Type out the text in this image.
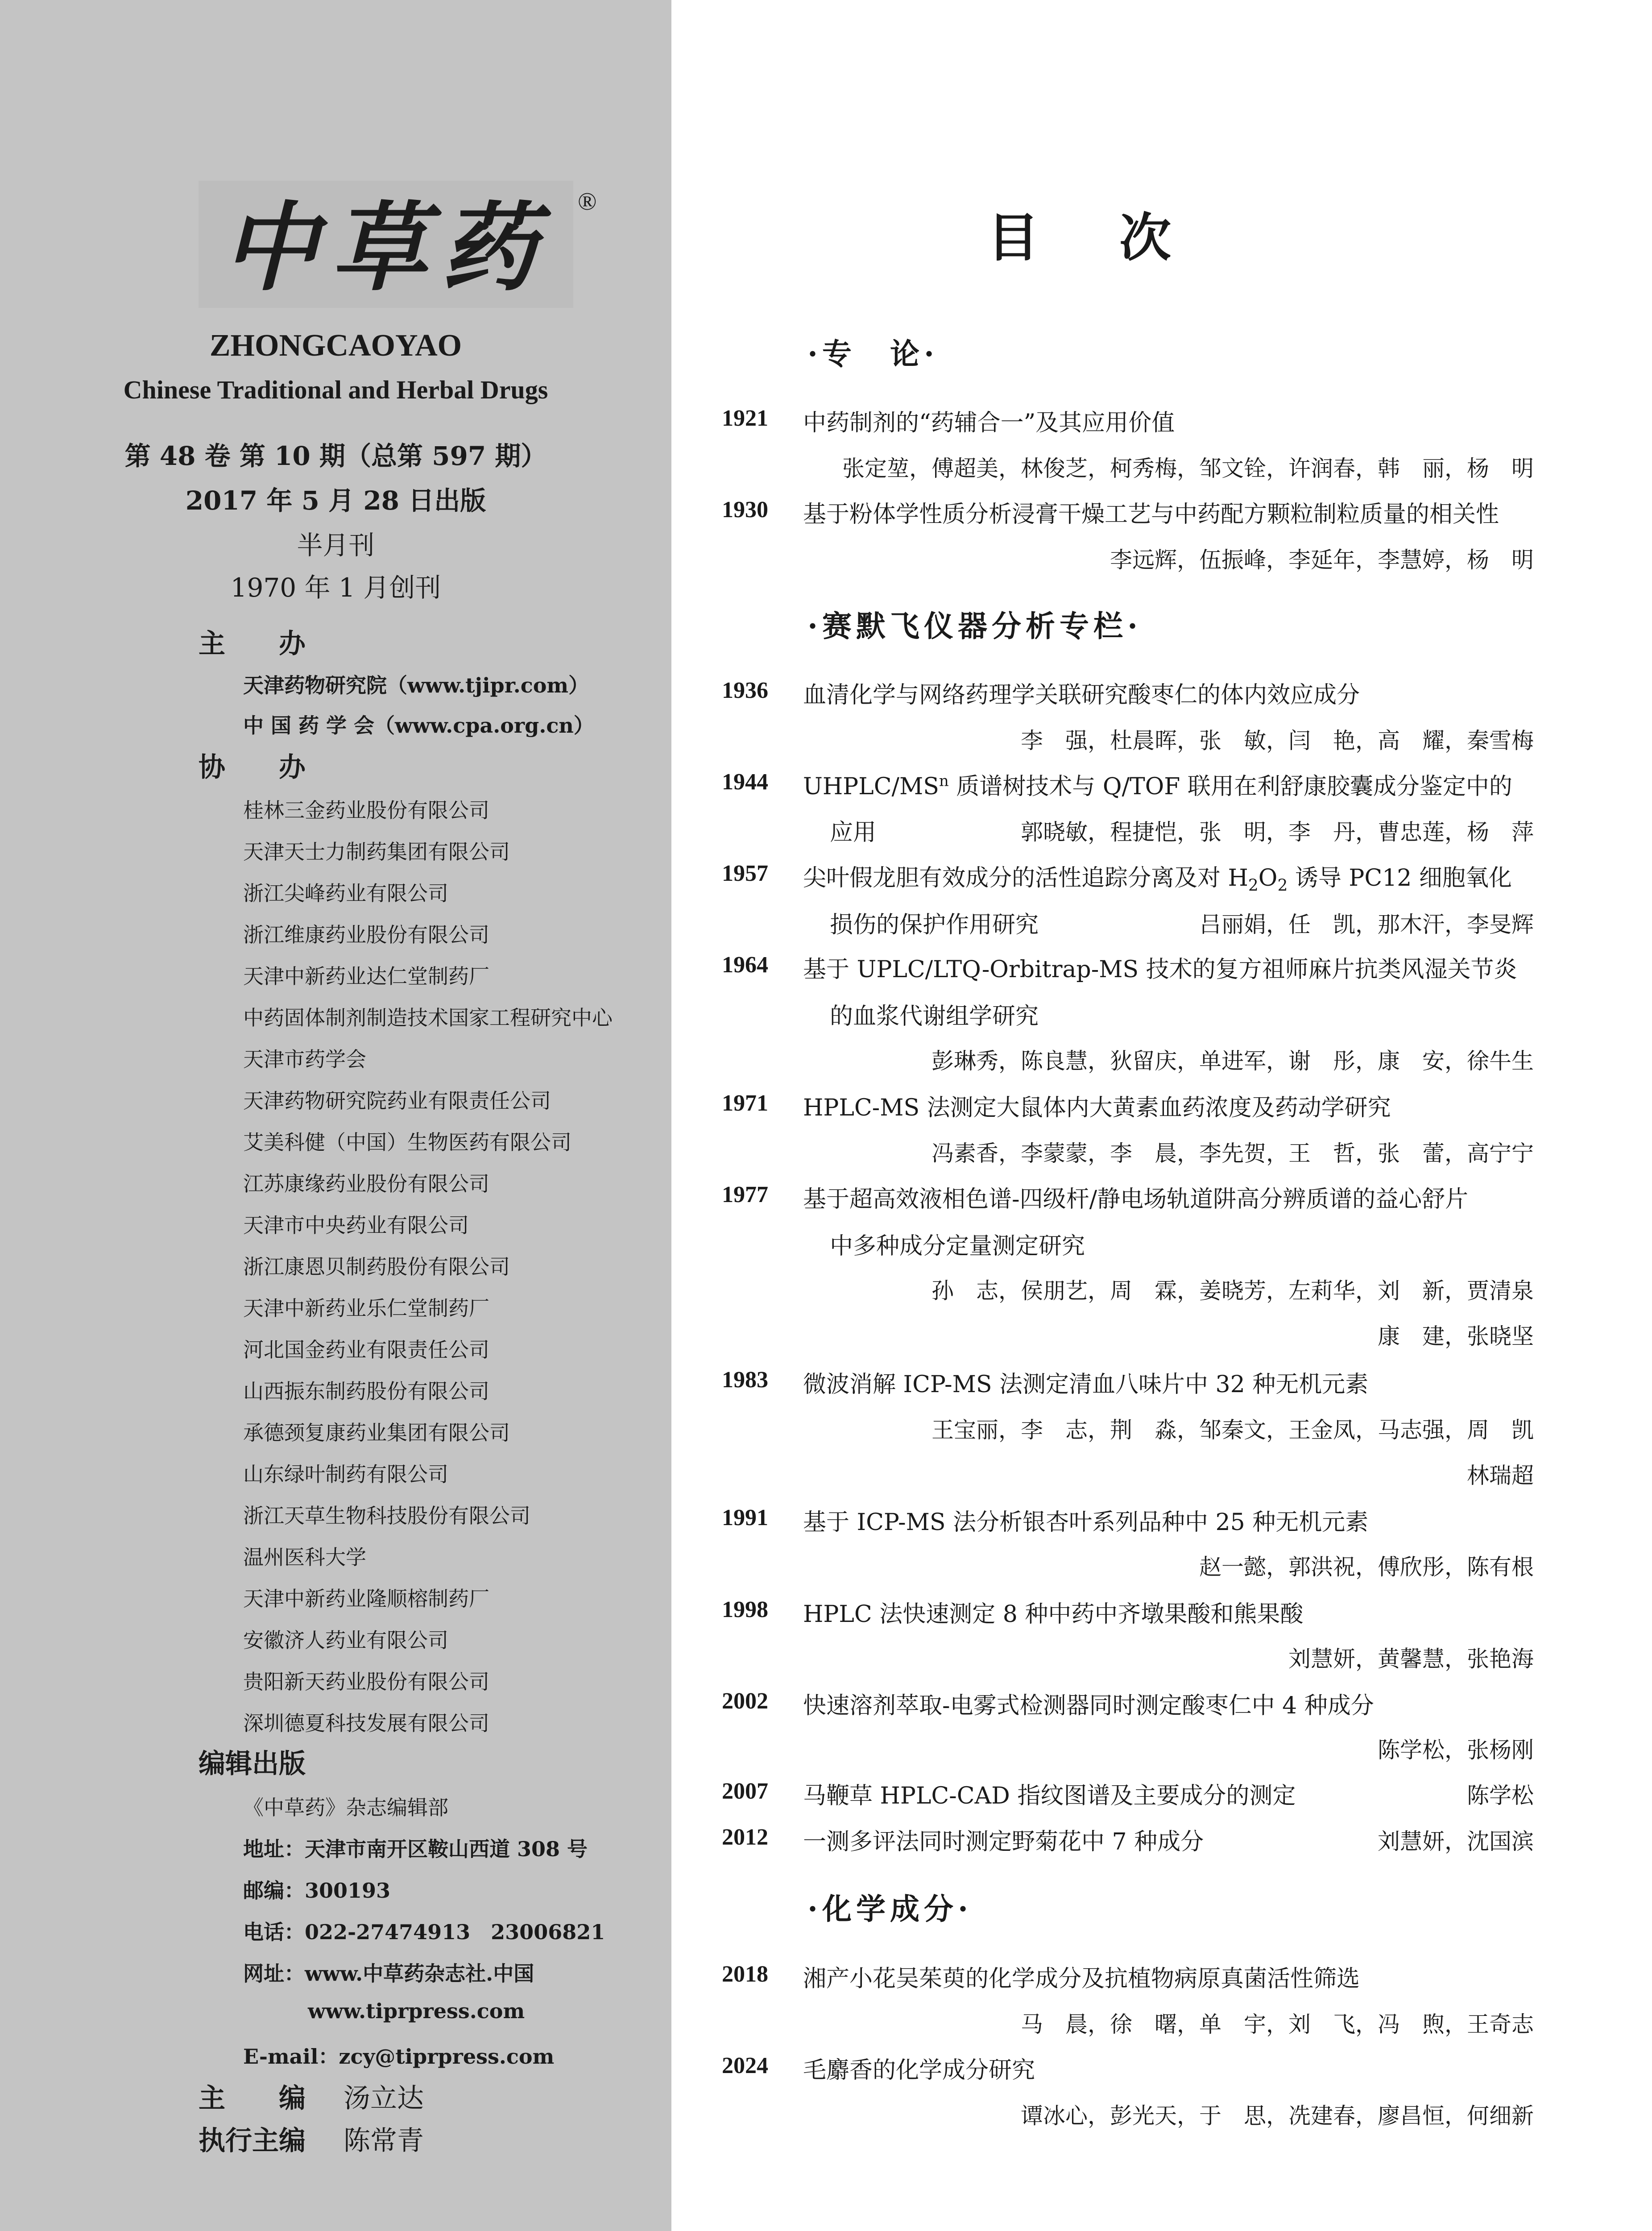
中草药 ®
ZHONGCAOYAO
Chinese Traditional and Herbal Drugs
第 48 卷 第 10 期（总第 597 期）
2017 年 5 月 28 日出版
半月刊
1970 年 1 月创刊
主　　办
天津药物研究院（www.tjipr.com）
中 国 药 学 会（www.cpa.org.cn）
协　　办
桂林三金药业股份有限公司
天津天士力制药集团有限公司
浙江尖峰药业有限公司
浙江维康药业股份有限公司
天津中新药业达仁堂制药厂
中药固体制剂制造技术国家工程研究中心
天津市药学会
天津药物研究院药业有限责任公司
艾美科健（中国）生物医药有限公司
江苏康缘药业股份有限公司
天津市中央药业有限公司
浙江康恩贝制药股份有限公司
天津中新药业乐仁堂制药厂
河北国金药业有限责任公司
山西振东制药股份有限公司
承德颈复康药业集团有限公司
山东绿叶制药有限公司
浙江天草生物科技股份有限公司
温州医科大学
天津中新药业隆顺榕制药厂
安徽济人药业有限公司
贵阳新天药业股份有限公司
深圳德夏科技发展有限公司
编辑出版
《中草药》杂志编辑部
地址：天津市南开区鞍山西道 308 号
邮编：300193
电话：022-27474913　23006821
网址：www.中草药杂志社.中国
www.tiprpress.com
E-mail：zcy@tiprpress.com
主　　编 汤立达
执行主编 陈常青
目次
·专　论·
1921 中药制剂的“药辅合一”及其应用价值
张定堃，傅超美，林俊芝，柯秀梅，邹文铨，许润春，韩　丽，杨　明
1930 基于粉体学性质分析浸膏干燥工艺与中药配方颗粒制粒质量的相关性
李远辉，伍振峰，李延年，李慧婷，杨　明
·赛默飞仪器分析专栏·
1936 血清化学与网络药理学关联研究酸枣仁的体内效应成分
李　强，杜晨晖，张　敏，闫　艳，高　耀，秦雪梅
1944 UHPLC/$MS^n$ 质谱树技术与 Q/TOF 联用在利舒康胶囊成分鉴定中的
应用	郭晓敏，程捷恺，张　明，李　丹，曹忠莲，杨　萍
1957 尖叶假龙胆有效成分的活性追踪分离及对 $H_2O_2$ 诱导 PC12 细胞氧化
损伤的保护作用研究	吕丽娟，任　凯，那木汗，李旻辉
1964 基于 UPLC/LTQ-Orbitrap-MS 技术的复方祖师麻片抗类风湿关节炎
的血浆代谢组学研究
彭琳秀，陈良慧，狄留庆，单进军，谢　彤，康　安，徐牛生
1971 HPLC-MS 法测定大鼠体内大黄素血药浓度及药动学研究
冯素香，李蒙蒙，李　晨，李先贺，王　哲，张　蕾，高宁宁
1977 基于超高效液相色谱-四级杆/静电场轨道阱高分辨质谱的益心舒片
中多种成分定量测定研究
孙　志，侯朋艺，周　霖，姜晓芳，左莉华，刘　新，贾清泉
康　建，张晓坚
1983 微波消解 ICP-MS 法测定清血八味片中 32 种无机元素
王宝丽，李　志，荆　淼，邹秦文，王金凤，马志强，周　凯
林瑞超
1991 基于 ICP-MS 法分析银杏叶系列品种中 25 种无机元素
赵一懿，郭洪祝，傅欣彤，陈有根
1998 HPLC 法快速测定 8 种中药中齐墩果酸和熊果酸
刘慧妍，黄馨慧，张艳海
2002 快速溶剂萃取-电雾式检测器同时测定酸枣仁中 4 种成分
陈学松，张杨刚
2007 马鞭草 HPLC-CAD 指纹图谱及主要成分的测定	陈学松
2012 一测多评法同时测定野菊花中 7 种成分	刘慧妍，沈国滨
·化学成分·
2018 湘产小花吴茱萸的化学成分及抗植物病原真菌活性筛选
马　晨，徐　曙，单　宇，刘　飞，冯　煦，王奇志
2024 毛麝香的化学成分研究
谭冰心，彭光天，于　思，冼建春，廖昌恒，何细新
